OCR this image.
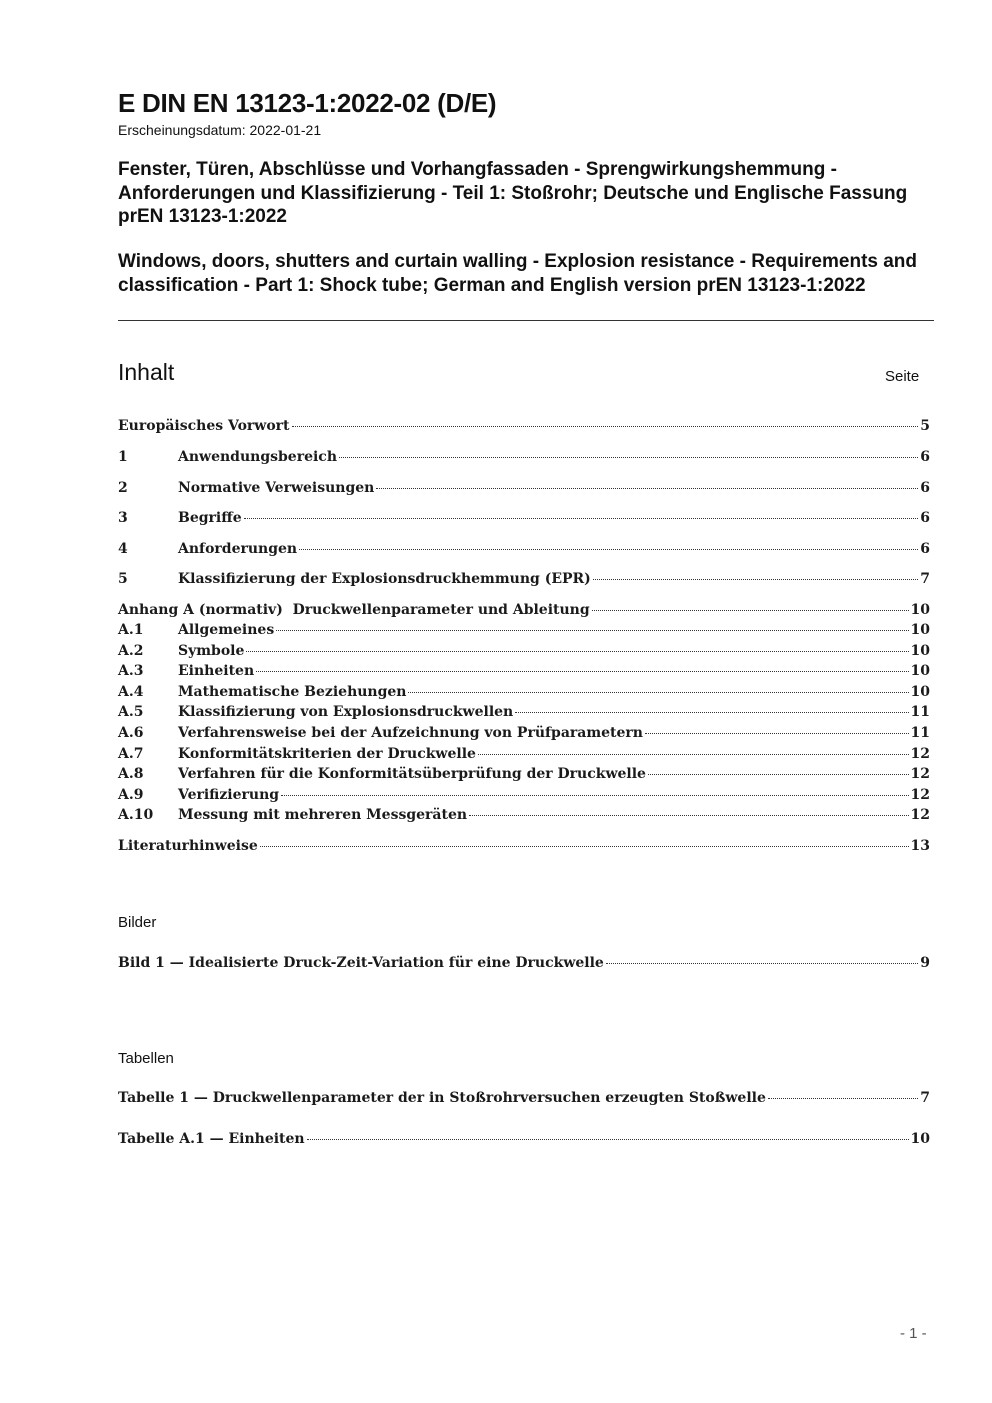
E DIN EN 13123-1:2022-02 (D/E)
Erscheinungsdatum: 2022-01-21
Fenster, Türen, Abschlüsse und Vorhangfassaden - Sprengwirkungshemmung - Anforderungen und Klassifizierung - Teil 1: Stoßrohr; Deutsche und Englische Fassung prEN 13123-1:2022
Windows, doors, shutters and curtain walling - Explosion resistance - Requirements and classification - Part 1: Shock tube; German and English version prEN 13123-1:2022
Inhalt	Seite
Europäisches Vorwort	5
1	Anwendungsbereich	6
2	Normative Verweisungen	6
3	Begriffe	6
4	Anforderungen	6
5	Klassifizierung der Explosionsdruckhemmung (EPR)	7
Anhang A (normativ)  Druckwellenparameter und Ableitung	10
A.1	Allgemeines	10
A.2	Symbole	10
A.3	Einheiten	10
A.4	Mathematische Beziehungen	10
A.5	Klassifizierung von Explosionsdruckwellen	11
A.6	Verfahrensweise bei der Aufzeichnung von Prüfparametern	11
A.7	Konformitätskriterien der Druckwelle	12
A.8	Verfahren für die Konformitätsüberprüfung der Druckwelle	12
A.9	Verifizierung	12
A.10	Messung mit mehreren Messgeräten	12
Literaturhinweise	13
Bilder
Bild 1 — Idealisierte Druck-Zeit-Variation für eine Druckwelle	9
Tabellen
Tabelle 1 — Druckwellenparameter der in Stoßrohrversuchen erzeugten Stoßwelle	7
Tabelle A.1 — Einheiten	10
- 1 -
